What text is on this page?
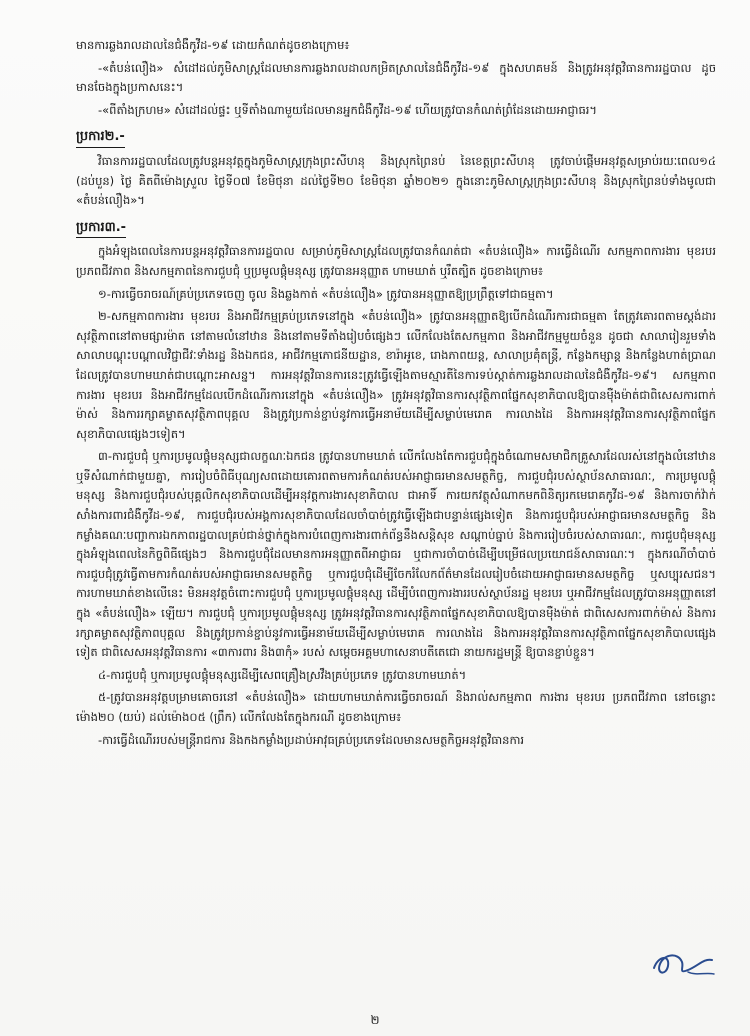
មានការឆ្លងរាលដាលនៃជំងឺកូវីដ-១៩ ដោយកំណត់ដូចខាងក្រោម៖

-«តំបន់លឿង» សំដៅដល់ភូមិសាស្ត្រដែលមានការឆ្លងរាលដាលកម្រិតស្រាលនៃជំងឺកូវីដ-១៩ ក្នុងសហគមន៍ និងត្រូវអនុវត្តវិធានការរដ្ឋបាល ដូចមានចែងក្នុងប្រកាសនេះ។

-«ពីតាំងក្រហម» សំដៅដល់ផ្ទះ ឬទីតាំងណាមួយដែលមានអ្នកជំងឺកូវីដ-១៩ ហើយត្រូវបានកំណត់ព្រំដែនដោយអាជ្ញាធរ។

ប្រការ២.-

វិធានការរដ្ឋបាលដែលត្រូវបន្តអនុវត្តក្នុងភូមិសាស្ត្រក្រុងព្រះសីហនុ និងស្រុកព្រៃនប់ នៃខេត្តព្រះសីហនុ ត្រូវចាប់ផ្តើមអនុវត្តសម្រាប់រយៈពេល១៤ (ដប់បួន) ថ្ងៃ គិតពីម៉ោងស្រួល ថ្ងៃទី០៧ ខែមិថុនា ដល់ថ្ងៃទី២០ ខែមិថុនា ឆ្នាំ២០២១ ក្នុងនោះភូមិសាស្ត្រក្រុងព្រះសីហនុ និងស្រុកព្រៃនប់ទាំងមូលជា «តំបន់លឿង»។

ប្រការ៣.-

ក្នុងអំឡុងពេលនៃការបន្តអនុវត្តវិធានការរដ្ឋបាល សម្រាប់ភូមិសាស្ត្រដែលត្រូវបានកំណត់ជា «តំបន់លឿង» ការធ្វើដំណើរ សកម្មភាពការងារ មុខរបរ ប្រភពជីវភាព និងសកម្មភាពនៃការជួបជុំ ឬប្រមូលផ្តុំមនុស្ស ត្រូវបានអនុញ្ញាត ហាមឃាត់ ឬរឹតត្បិត ដូចខាងក្រោម៖

១-ការធ្វើចរាចរណ៍គ្រប់ប្រភេទចេញ ចូល និងឆ្លងកាត់ «តំបន់លឿង» ត្រូវបានអនុញ្ញាតឱ្យប្រព្រឹត្តទៅជាធម្មតា។

២-សកម្មភាពការងារ មុខរបរ និងអាជីវកម្មគ្រប់ប្រភេទនៅក្នុង «តំបន់លឿង» ត្រូវបានអនុញ្ញាតឱ្យបើកដំណើរការជាធម្មតា តែត្រូវគោរពតាមស្តង់ដារសុវត្ថិភាពនៅតាមផ្សារម៉ាត នៅតាមលំនៅឋាន និងនៅតាមទីតាំងរៀបចំផ្សេងៗ លើកលែងតែសកម្មភាព និងអាជីវកម្មមួយចំនួន ដូចជា សាលារៀនរួមទាំងសាលាបណ្តុះបណ្តាលវិជ្ជាជីវៈទាំងរដ្ឋ និងឯកជន, អាជីវកម្មភោជនីយដ្ឋាន, ខារ៉ាអូខេ, រោងភាពយន្ត, សាលាប្រគុំតន្ត្រី, កន្លែងកម្សាន្ត និងកន្លែងហាត់ប្រាណ ដែលត្រូវបានហាមឃាត់ជាបណ្តោះអាសន្ន។ ការអនុវត្តវិធានការនេះត្រូវធ្វើឡើងតាមស្មារតីនៃការទប់ស្កាត់ការឆ្លងរាលដាលនៃជំងឺកូវីដ-១៩។ សកម្មភាពការងារ មុខរបរ និងអាជីវកម្មដែលបើកដំណើរការនៅក្នុង «តំបន់លឿង» ត្រូវអនុវត្តវិធានការសុវត្ថិភាពផ្នែកសុខាភិបាលឱ្យបានម៉ឺងម៉ាត់ជាពិសេសការពាក់ម៉ាស់ និងការរក្សាគម្លាតសុវត្ថិភាពបុគ្គល និងត្រូវប្រកាន់ខ្ជាប់នូវការធ្វើអនាម័យដើម្បីសម្លាប់មេរោគ ការលាងដៃ និងការអនុវត្តវិធានការសុវត្ថិភាពផ្នែកសុខាភិបាលផ្សេងៗទៀត។

៣-ការជួបជុំ ឬការប្រមូលផ្តុំមនុស្សជាលក្ខណៈឯកជន ត្រូវបានហាមឃាត់ លើកលែងតែការជួបជុំក្នុងចំណោមសមាជិកគ្រួសារដែលរស់នៅក្នុងលំនៅឋាន ឬទីសំណាក់ជាមួយគ្នា, ការរៀបចំពិធីបុណ្យសពដោយគោរពតាមការកំណត់របស់អាជ្ញាធរមានសមត្ថកិច្ច, ការជួបជុំរបស់ស្ថាប័នសាធារណៈ, ការប្រមូលផ្តុំមនុស្ស និងការជួបជុំរបស់បុគ្គលិកសុខាភិបាលដើម្បីអនុវត្តការងារសុខាភិបាល ជាអាទិ៍ ការយកវត្ថុសំណាកមកពិនិត្យរកមេរោគកូវីដ-១៩ និងការចាក់វ៉ាក់សាំងការពារជំងឺកូវីដ-១៩, ការជួបជុំរបស់អង្គការសុខាភិបាលដែលចាំបាច់ត្រូវធ្វើឡើងជាបន្ទាន់ផ្សេងទៀត និងការជួបជុំរបស់អាជ្ញាធរមានសមត្ថកិច្ច និងកម្លាំងគណៈបញ្ជាការឯកភាពរដ្ឋបាលគ្រប់ជាន់ថ្នាក់ក្នុងការបំពេញការងារពាក់ព័ន្ធនឹងសន្តិសុខ សណ្តាប់ធ្នាប់ និងការរៀបចំរបស់សាធារណៈ, ការជួបជុំមនុស្សក្នុងអំឡុងពេលនៃកិច្ចពិធីផ្សេងៗ និងការជួបជុំដែលមានការអនុញ្ញាតពីអាជ្ញាធរ ឬជាការចាំបាច់ដើម្បីបម្រើផលប្រយោជន៍សាធារណៈ។ ក្នុងករណីចាំបាច់ការជួបជុំត្រូវធ្វើតាមការកំណត់របស់អាជ្ញាធរមានសមត្ថកិច្ច ឬការជួបជុំដើម្បីចែករំលែកព័ត៌មានដែលរៀបចំដោយអាជ្ញាធរមានសមត្ថកិច្ច ឬសប្បុរសជន។ ការហាមឃាត់ខាងលើនេះ មិនអនុវត្តចំពោះការជួបជុំ ឬការប្រមូលផ្តុំមនុស្ស ដើម្បីបំពេញការងាររបស់ស្ថាប័នរដ្ឋ មុខរបរ ឬអាជីវកម្មដែលត្រូវបានអនុញ្ញាតនៅក្នុង «តំបន់លឿង» ឡើយ។ ការជួបជុំ ឬការប្រមូលផ្តុំមនុស្ស ត្រូវអនុវត្តវិធានការសុវត្ថិភាពផ្នែកសុខាភិបាលឱ្យបានម៉ឺងម៉ាត់ ជាពិសេសការពាក់ម៉ាស់ និងការរក្សាគម្លាតសុវត្ថិភាពបុគ្គល និងត្រូវប្រកាន់ខ្ជាប់នូវការធ្វើអនាម័យដើម្បីសម្លាប់មេរោគ ការលាងដៃ និងការអនុវត្តវិធានការសុវត្ថិភាពផ្នែកសុខាភិបាលផ្សេងទៀត ជាពិសេសអនុវត្តវិធានការ «៣ការពារ និង៣កុំ» របស់ សម្តេចអគ្គមហាសេនាបតីតេជោ នាយករដ្ឋមន្ត្រី ឱ្យបានខ្ជាប់ខ្ជួន។

៤-ការជួបជុំ ឬការប្រមូលផ្តុំមនុស្សដើម្បីសេពគ្រឿងស្រវឹងគ្រប់ប្រភេទ ត្រូវបានហាមឃាត់។

៥-ត្រូវបានអនុវត្តបម្រាមគោចរនៅ «តំបន់លឿង» ដោយហាមឃាត់ការធ្វើចរាចរណ៍ និងរាល់សកម្មភាព ការងារ មុខរបរ ប្រភពជីវភាព នៅចន្លោះម៉ោង២០ (យប់) ដល់ម៉ោង០៥ (ព្រឹក) លើកលែងតែក្នុងករណី ដូចខាងក្រោម៖

-ការធ្វើដំណើររបស់មន្ត្រីរាជការ និងកងកម្លាំងប្រដាប់អាវុធគ្រប់ប្រភេទដែលមានសមត្ថកិច្ចអនុវត្តវិធានការ

២
